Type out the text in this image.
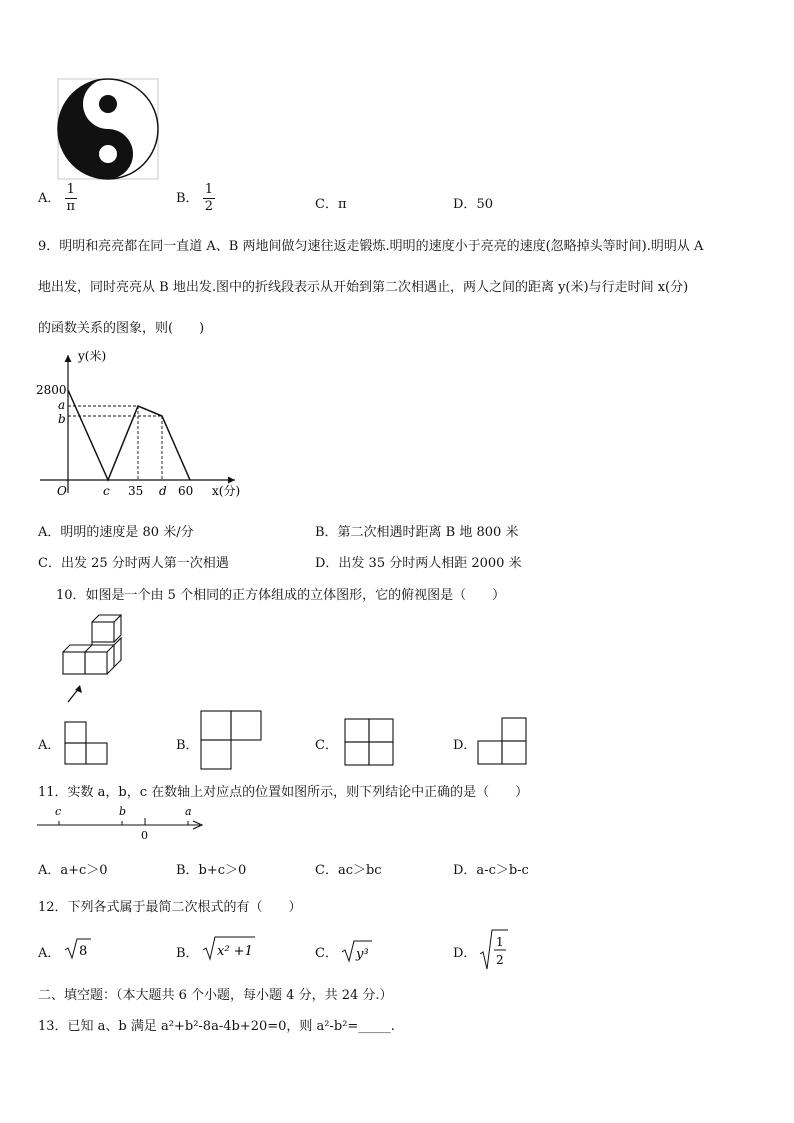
A． $\frac{1}{\pi}$	B． $\frac{1}{2}$	C．π	D．50
9．明明和亮亮都在同一直道 A、B 两地间做匀速往返走锻炼.明明的速度小于亮亮的速度(忽略掉头等时间).明明从 A
地出发，同时亮亮从 B 地出发.图中的折线段表示从开始到第二次相遇止，两人之间的距离 y(米)与行走时间 x(分)
的函数关系的图象，则(　　)
y(米)
x(分)
O
2800
a
b
c 35 d 60
A．明明的速度是 80 米/分	B．第二次相遇时距离 B 地 800 米
C．出发 25 分时两人第一次相遇	D．出发 35 分时两人相距 2000 米
10．如图是一个由 5 个相同的正方体组成的立体图形，它的俯视图是（　　）
A．	B．	C．	D．
11．实数 a，b，c 在数轴上对应点的位置如图所示，则下列结论中正确的是（　　）
c	b
0
a
A．a+c＞0	B．b+c＞0	C．ac＞bc	D．a-c＞b-c
12．下列各式属于最简二次根式的有（　　）
A． 8	B． x² +1	C． y³	D．
1
2
二、填空题：（本大题共 6 个小题，每小题 4 分，共 24 分.）
13．已知 a、b 满足 a²+b²-8a-4b+20=0，则 a²-b²=_____.
